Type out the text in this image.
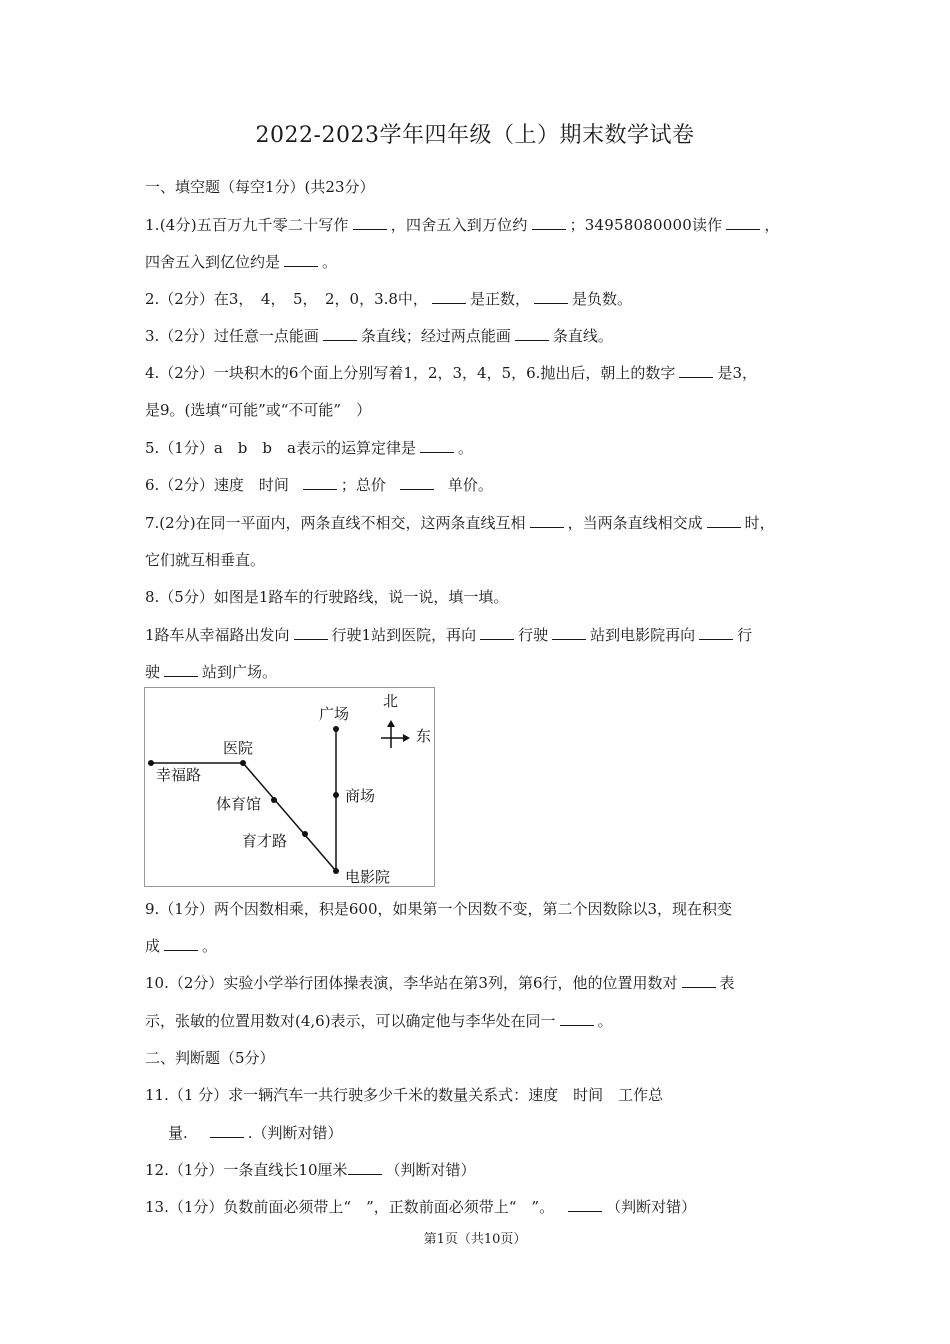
2022-2023学年四年级（上）期末数学试卷
一、填空题（每空1分）(共23分）
1.(4分)五百万九千零二十写作	，四舍五入到万位约	；34958080000读作	，
四舍五入到亿位约是	。
2.（2分）在3，　4，　5，　2，0，3.8中，	是正数，	是负数。
3.（2分）过任意一点能画	条直线；经过两点能画	条直线。
4.（2分）一块积木的6个面上分别写着1，2，3，4，5，6.抛出后，朝上的数字	是3，
是9。(选填“可能”或“不可能”　）
5.（1分）a　b　b　a表示的运算定律是	。
6.（2分）速度　时间	；总价	单价。
7.(2分)在同一平面内，两条直线不相交，这两条直线互相	，当两条直线相交成	时，
它们就互相垂直。
8.（5分）如图是1路车的行驶路线，说一说，填一填。
1路车从幸福路出发向	行驶1站到医院，再向	行驶	站到电影院再向	行
驶	站到广场。
广场
北
东
医院
幸福路
商场
体育馆
育才路
电影院
9.（1分）两个因数相乘，积是600，如果第一个因数不变，第二个因数除以3，现在积变
成	。
10.（2分）实验小学举行团体操表演，李华站在第3列，第6行，他的位置用数对	表
示，张敏的位置用数对(4,6)表示，可以确定他与李华处在同一	。
二、判断题（5分）
11.（1 分）求一辆汽车一共行驶多少千米的数量关系式：速度　时间　工作总
量.	.（判断对错）
12.（1分）一条直线长10厘米	（判断对错）
13.（1分）负数前面必须带上“　”，正数前面必须带上“　”。	（判断对错）
第1页（共10页）
